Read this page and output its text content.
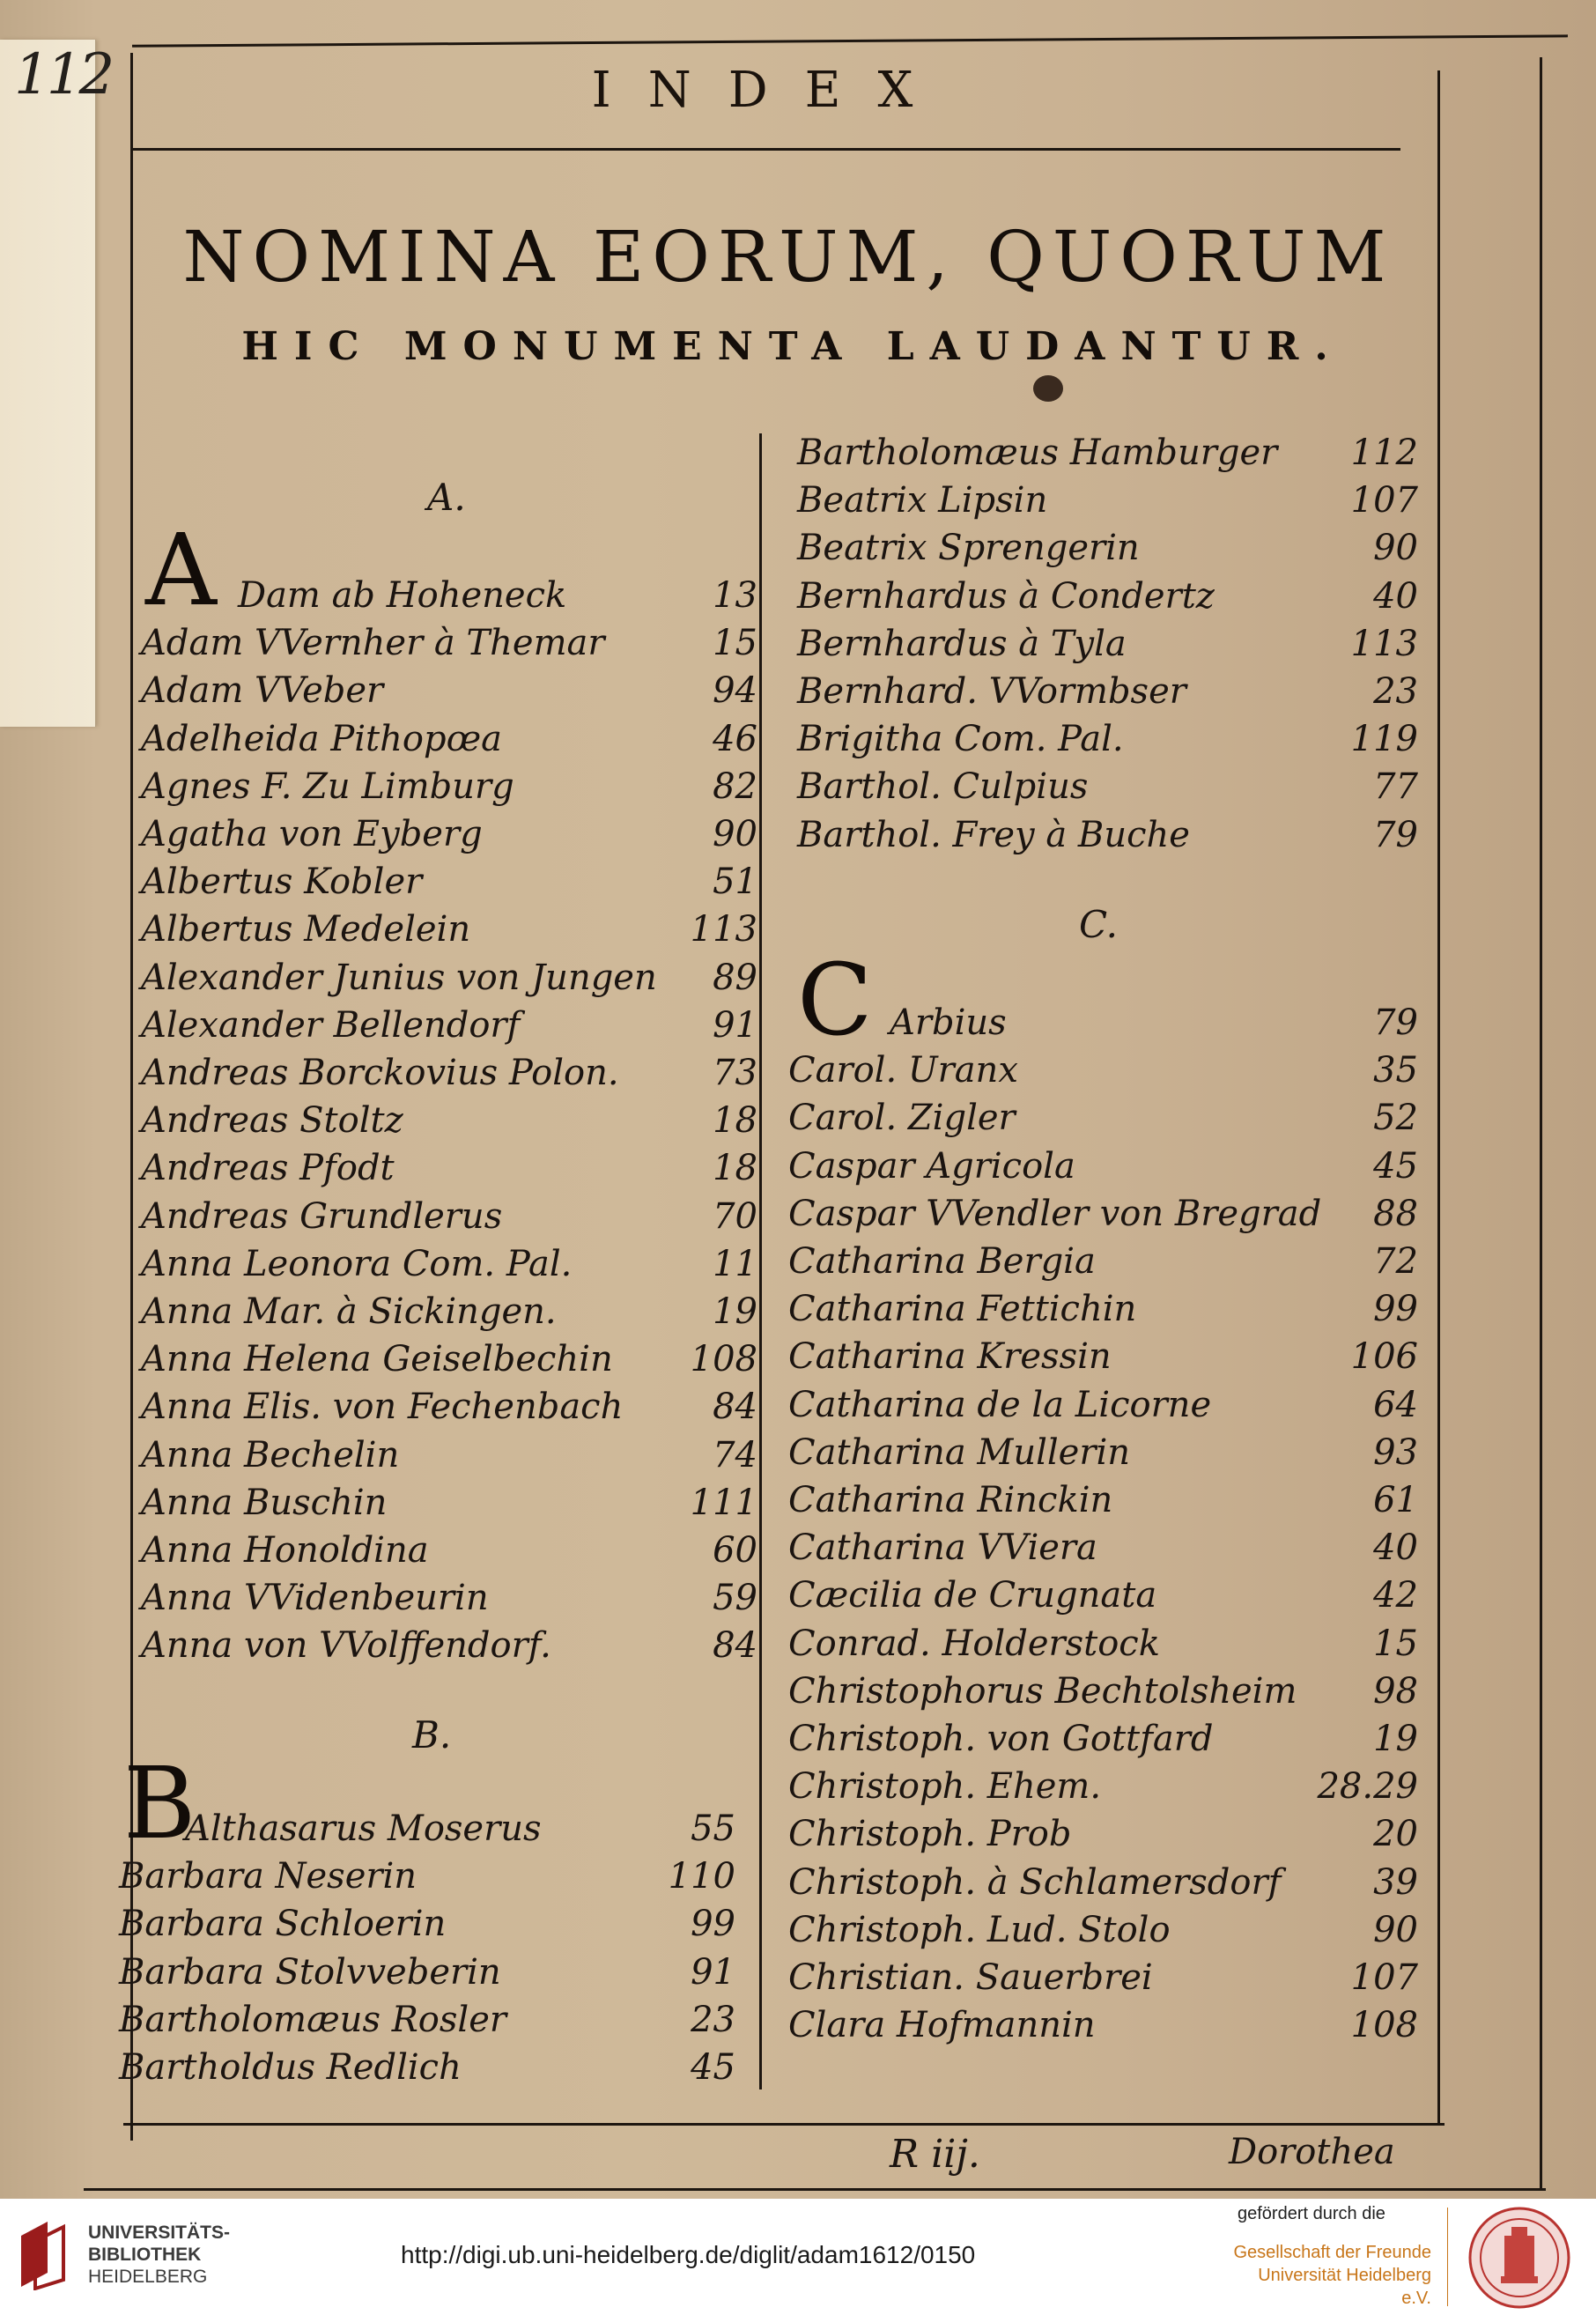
112	INDEX
NOMINA EORUM, QUORUM
HIC MONUMENTA LAUDANTUR.
A.
A Dam ab Hoheneck	13
Adam VVernher à Themar	15
Adam VVeber	94
Adelheida Pithopœa	46
Agnes F. Zu Limburg	82
Agatha von Eyberg	90
Albertus Kobler	51
Albertus Medelein	113
Alexander Junius von Jungen	89
Alexander Bellendorf	91
Andreas Borckovius Polon.	73
Andreas Stoltz	18
Andreas Pfodt	18
Andreas Grundlerus	70
Anna Leonora Com. Pal.	11
Anna Mar. à Sickingen.	19
Anna Helena Geiselbechin	108
Anna Elis. von Fechenbach	84
Anna Bechelin	74
Anna Buschin	111
Anna Honoldina	60
Anna VVidenbeurin	59
Anna von VVolffendorf.	84
B.
B
Althasarus Moserus	55
Barbara Neserin	110
Barbara Schloerin	99
Barbara Stolvveberin	91
Bartholomæus Rosler	23
Bartholdus Redlich	45
Bartholomæus Hamburger	112
Beatrix Lipsin	107
Beatrix Sprengerin	90
Bernhardus à Condertz	40
Bernhardus à Tyla	113
Bernhard. VVormbser	23
Brigitha Com. Pal.	119
Barthol. Culpius	77
Barthol. Frey à Buche	79
C.
C Arbius	79
Carol. Uranx	35
Carol. Zigler	52
Caspar Agricola	45
Caspar VVendler von Bregrad	88
Catharina Bergia	72
Catharina Fettichin	99
Catharina Kressin	106
Catharina de la Licorne	64
Catharina Mullerin	93
Catharina Rinckin	61
Catharina VViera	40
Cæcilia de Crugnata	42
Conrad. Holderstock	15
Christophorus Bechtolsheim	98
Christoph. von Gottfard	19
Christoph. Ehem.	28.29
Christoph. Prob	20
Christoph. à Schlamersdorf	39
Christoph. Lud. Stolo	90
Christian. Sauerbrei	107
Clara Hofmannin	108
R iij.	Dorothea
UNIVERSITÄTS-
BIBLIOTHEK
HEIDELBERG
http://digi.ub.uni-heidelberg.de/diglit/adam1612/0150
gefördert durch die
Gesellschaft der Freunde
Universität Heidelberg e.V.
